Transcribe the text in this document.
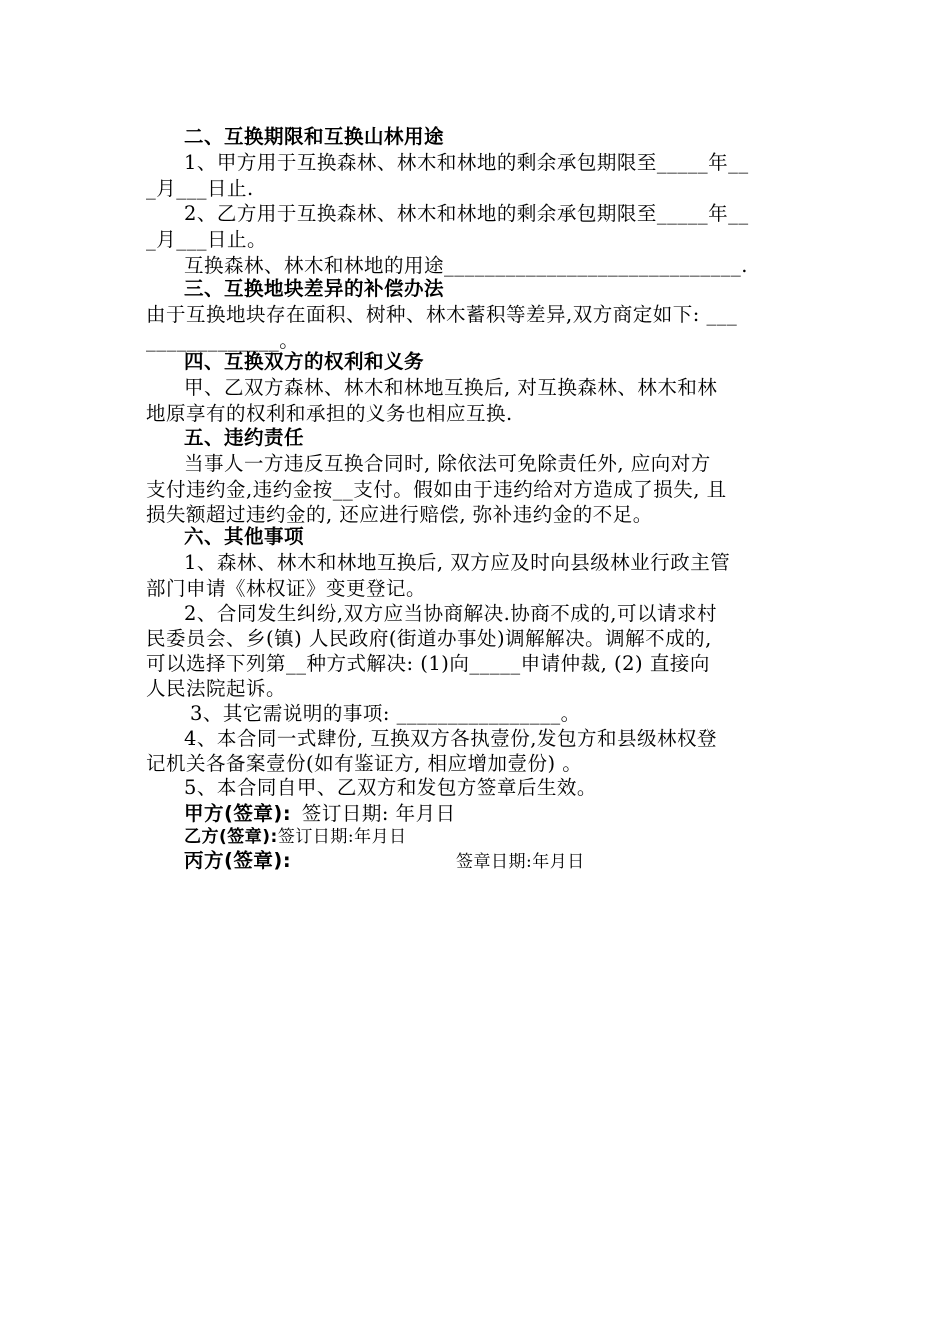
二、互换期限和互换山林用途
1、甲方用于互换森林、林木和林地的剩余承包期限至_____年__
_月___日止.
2、乙方用于互换森林、林木和林地的剩余承包期限至_____年__
_月___日止。
互换森林、林木和林地的用途_____________________________.
三、互换地块差异的补偿办法
由于互换地块存在面积、树种、林木蓄积等差异,双方商定如下: ___
_____________。
四、互换双方的权利和义务
甲、乙双方森林、林木和林地互换后, 对互换森林、林木和林
地原享有的权利和承担的义务也相应互换.
五、违约责任
当事人一方违反互换合同时, 除依法可免除责任外, 应向对方
支付违约金,违约金按__支付。假如由于违约给对方造成了损失, 且
损失额超过违约金的, 还应进行赔偿, 弥补违约金的不足。
六、其他事项
1、森林、林木和林地互换后, 双方应及时向县级林业行政主管
部门申请《林权证》变更登记。
2、合同发生纠纷,双方应当协商解决.协商不成的,可以请求村
民委员会、乡(镇) 人民政府(街道办事处)调解解决。调解不成的,
可以选择下列第__种方式解决: (1)向_____申请仲裁, (2) 直接向
人民法院起诉。
3、其它需说明的事项: ________________。
4、本合同一式肆份, 互换双方各执壹份,发包方和县级林权登
记机关各备案壹份(如有鉴证方, 相应增加壹份) 。
5、本合同自甲、乙双方和发包方签章后生效。
甲方(签章): 签订日期: 年月日
乙方(签章):签订日期:年月日
丙方(签章):	签章日期:年月日
